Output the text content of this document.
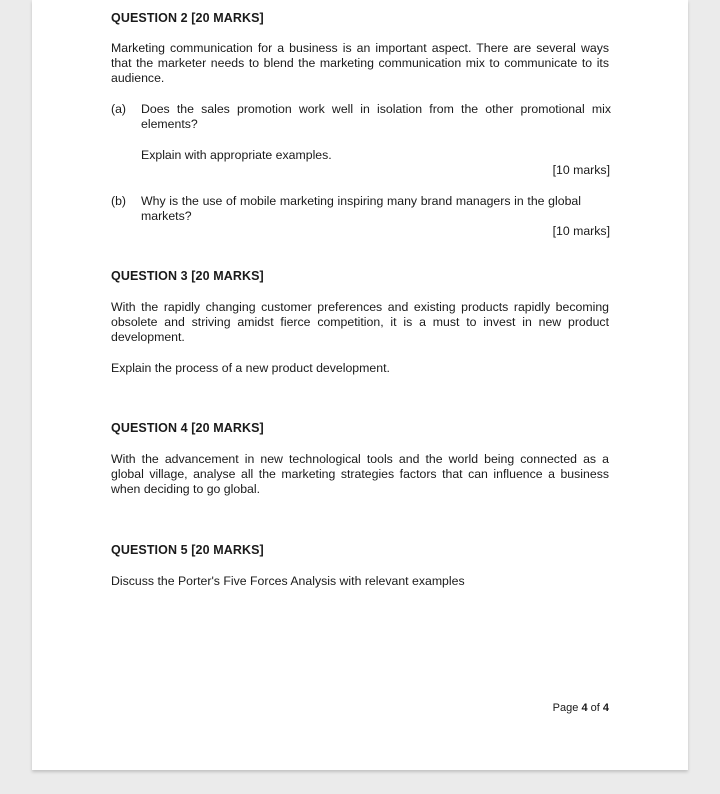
QUESTION 2 [20 MARKS]
Marketing communication for a business is an important aspect. There are several ways that the marketer needs to blend the marketing communication mix to communicate to its audience.
(a) Does the sales promotion work well in isolation from the other promotional mix elements?
Explain with appropriate examples.
[10 marks]
(b) Why is the use of mobile marketing inspiring many brand managers in the global markets?
[10 marks]
QUESTION 3 [20 MARKS]
With the rapidly changing customer preferences and existing products rapidly becoming obsolete and striving amidst fierce competition, it is a must to invest in new product development.
Explain the process of a new product development.
QUESTION 4 [20 MARKS]
With the advancement in new technological tools and the world being connected as a global village, analyse all the marketing strategies factors that can influence a business when deciding to go global.
QUESTION 5 [20 MARKS]
Discuss the Porter's Five Forces Analysis with relevant examples
Page 4 of 4
